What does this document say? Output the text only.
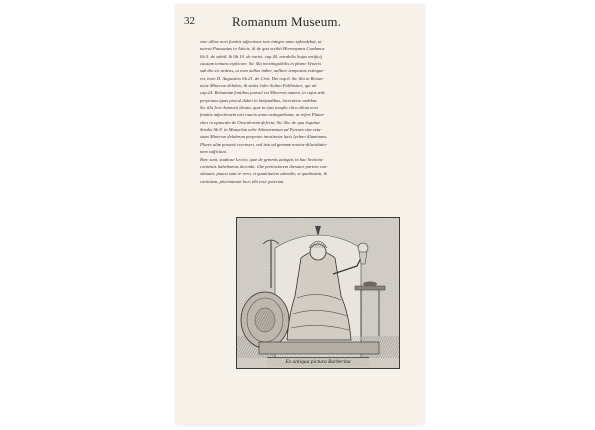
32	Romanum Museum.
sine ullius novi fomitis adjectione toto integro anno splendebat, ut
narrat Pausanias in Atticis, & de qua scribit Hieronymus Cardanus
lib.5. de subtil. & lib.10. de variet. cap.40. mirabilis hujus artificij
causam tentans explicare. Sic illa inextinguibilis in phano Veneris
sub dio sic ardens, ut eam nullus imber, nullave tempestas extingue-
ret, teste D. Augustino lib.21. de Civit. Dei cap.6. Sic illa in Britan-
nicæ Minervæ delubro, & sedes Julio Solino Polihistori, qui ait
cap.24. Britanniæ fontibus præsul est Minervæ numen, in cujus æde
perpetuos ignis procul dubio in lampadibus, lucernisve ardebat.
Sic illa Jovi Ammoni dicata, quæ in ejus templo citra ullum novi
fomitis adjectionem nisi exacto anno extinguebatur, ut refert Plutar-
ches in opusculo de Oraculorum defectu. Sic illa, de qua loquitur
Strabo lib.9. in Munychia urbe Atheniensium ad Pyreum sita vetu-
stum Minervæ delubrum perpetuo inextinctæ lucis lychno illuminans.
Plures aliæ possent recenseri, sed ista ad gemmæ nostræ dilucidatio-
nem sufficiunt.
Hæc sunt, studiose Lector, quæ de gemmis antiquis in hac Sectione
contentis habebamus dicenda: illæ pretiosiorem thesauri partem con-
stituunt; pauca sunt re vera, si quantitatem attendis; si qualitatem, &
raritatem, plurimarum loco tibi esse poterunt.
Ex antiqua pictura Barberina
